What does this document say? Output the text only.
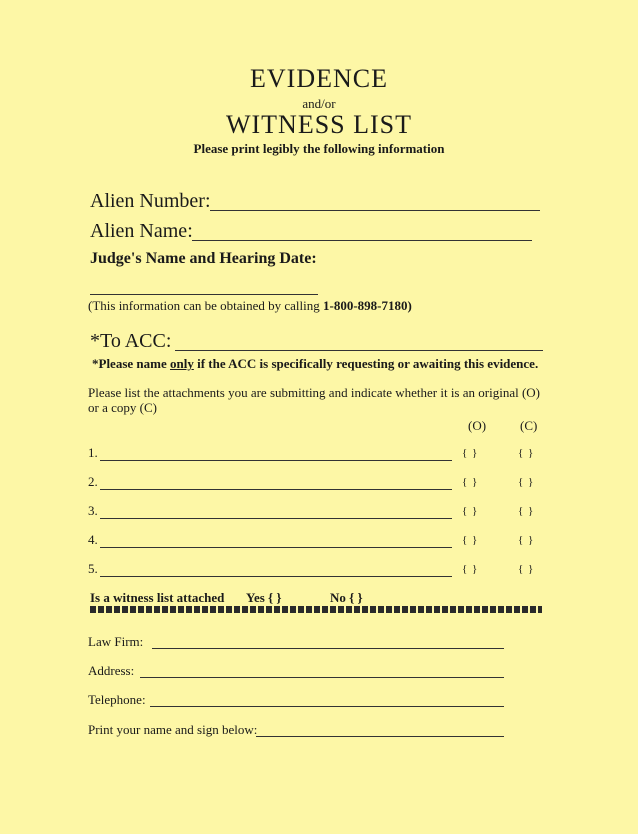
EVIDENCE
and/or
WITNESS LIST
Please print legibly the following information
Alien Number:
Alien Name:
Judge's Name and Hearing Date:
(This information can be obtained by calling 1-800-898-7180)
*To ACC:
*Please name only if the ACC is specifically requesting or awaiting this evidence.
Please list the attachments you are submitting and indicate whether it is an original (O) or a copy (C)
(O)	(C)
1.	{ }	{ }
2.	{ }	{ }
3.	{ }	{ }
4.	{ }	{ }
5.	{ }	{ }
Is a witness list attached Yes { }	No { }
Law Firm:
Address:
Telephone:
Print your name and sign below:
